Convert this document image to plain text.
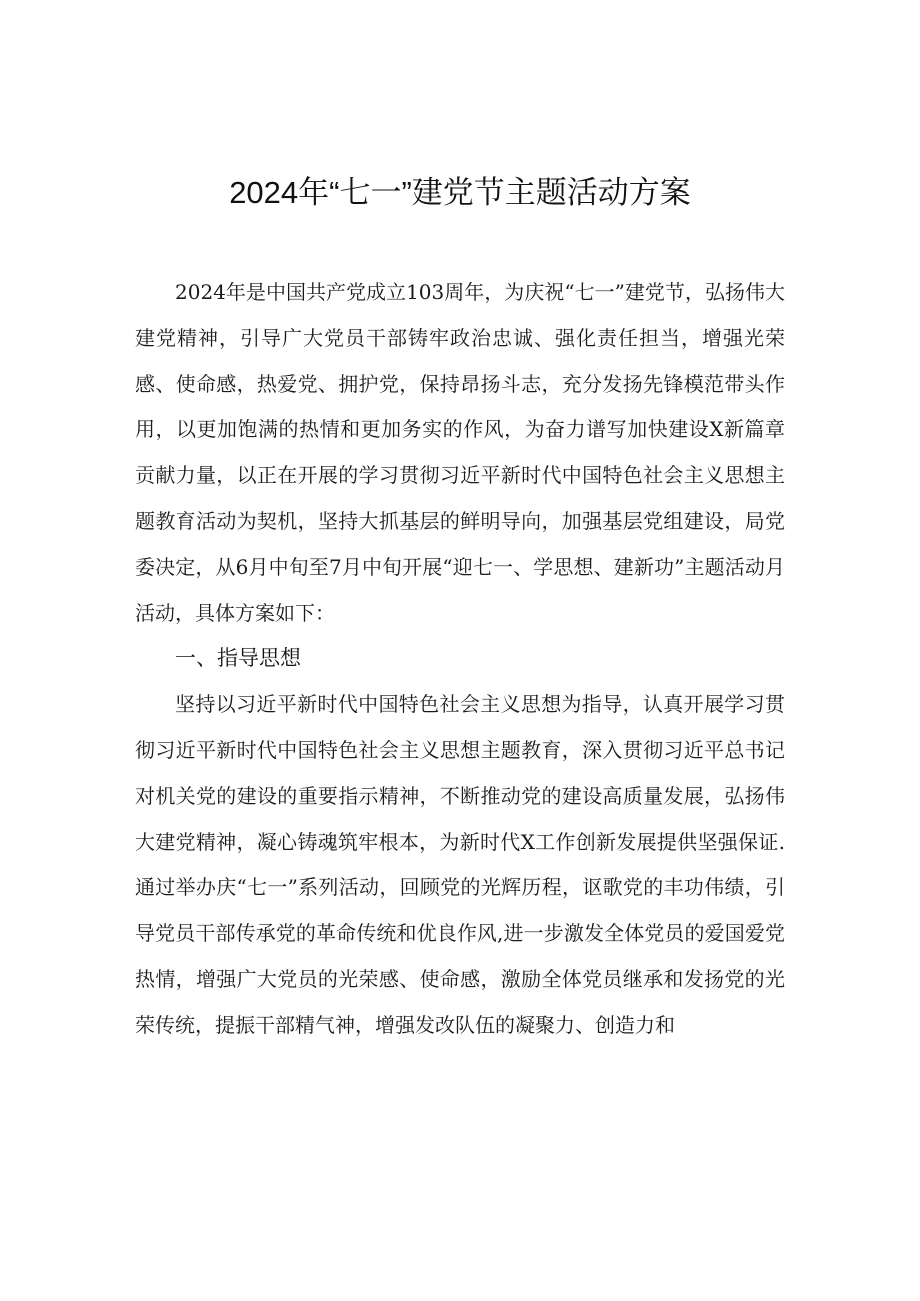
2024年“七一”建党节主题活动方案

2024年是中国共产党成立103周年，为庆祝“七一”建党节，弘扬伟大建党精神，引导广大党员干部铸牢政治忠诚、强化责任担当，增强光荣感、使命感，热爱党、拥护党，保持昂扬斗志，充分发扬先锋模范带头作用，以更加饱满的热情和更加务实的作风，为奋力谱写加快建设X新篇章贡献力量，以正在开展的学习贯彻习近平新时代中国特色社会主义思想主题教育活动为契机，坚持大抓基层的鲜明导向，加强基层党组建设，局党委决定，从6月中旬至7月中旬开展“迎七一、学思想、建新功”主题活动月活动，具体方案如下：

一、指导思想

坚持以习近平新时代中国特色社会主义思想为指导，认真开展学习贯彻习近平新时代中国特色社会主义思想主题教育，深入贯彻习近平总书记对机关党的建设的重要指示精神，不断推动党的建设高质量发展，弘扬伟大建党精神，凝心铸魂筑牢根本，为新时代X工作创新发展提供坚强保证.通过举办庆“七一”系列活动，回顾党的光辉历程，讴歌党的丰功伟绩，引导党员干部传承党的革命传统和优良作风,进一步激发全体党员的爱国爱党热情，增强广大党员的光荣感、使命感，激励全体党员继承和发扬党的光荣传统，提振干部精气神，增强发改队伍的凝聚力、创造力和
